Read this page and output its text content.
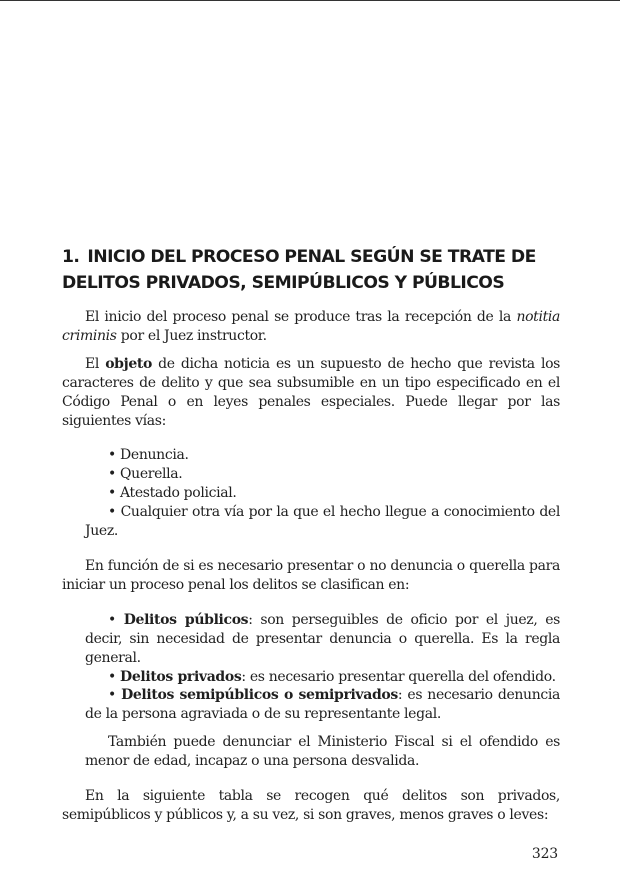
1. INICIO DEL PROCESO PENAL SEGÚN SE TRATE DE DELITOS PRIVADOS, SEMIPÚBLICOS Y PÚBLICOS

El inicio del proceso penal se produce tras la recepción de la notitia criminis por el Juez instructor.

El objeto de dicha noticia es un supuesto de hecho que revista los caracteres de delito y que sea subsumible en un tipo especificado en el Código Penal o en leyes penales especiales. Puede llegar por las siguientes vías:

• Denuncia.
• Querella.
• Atestado policial.
• Cualquier otra vía por la que el hecho llegue a conocimiento del Juez.

En función de si es necesario presentar o no denuncia o querella para iniciar un proceso penal los delitos se clasifican en:

• Delitos públicos: son perseguibles de oficio por el juez, es decir, sin necesidad de presentar denuncia o querella. Es la regla general.
• Delitos privados: es necesario presentar querella del ofendido.
• Delitos semipúblicos o semiprivados: es necesario denuncia de la persona agraviada o de su representante legal.
También puede denunciar el Ministerio Fiscal si el ofendido es menor de edad, incapaz o una persona desvalida.

En la siguiente tabla se recogen qué delitos son privados, semipúblicos y públicos y, a su vez, si son graves, menos graves o leves:

323
